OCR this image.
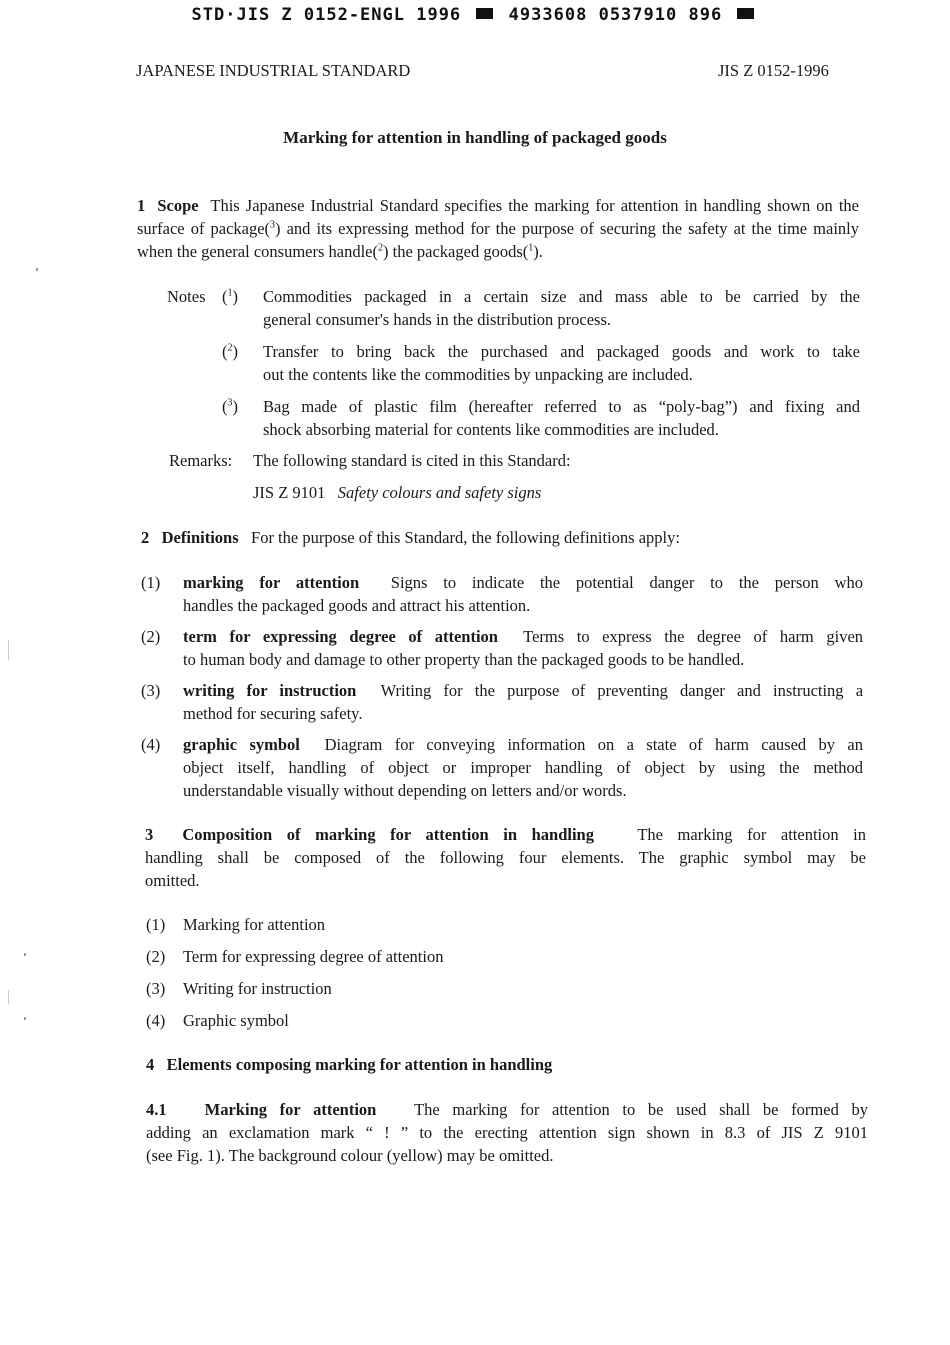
STD·JIS Z 0152-ENGL 1996	4933608 0537910 896
JAPANESE INDUSTRIAL STANDARD	JIS Z 0152-1996
Marking for attention in handling of packaged goods
1 Scope This Japanese Industrial Standard specifies the marking for attention in handling shown on the surface of package($^3$) and its expressing method for the purpose of securing the safety at the time mainly when the general consumers handle($^2$) the packaged goods($^1$).
Notes ($^1$) Commodities packaged in a certain size and mass able to be carried by the
general consumer's hands in the distribution process.
($^2$) Transfer to bring back the purchased and packaged goods and work to take
out the contents like the commodities by unpacking are included.
($^3$) Bag made of plastic film (hereafter referred to as “poly-bag”) and fixing and
shock absorbing material for contents like commodities are included.
Remarks: The following standard is cited in this Standard:
JIS Z 9101 Safety colours and safety signs
2 Definitions For the purpose of this Standard, the following definitions apply:
(1) marking for attention Signs to indicate the potential danger to the person who
handles the packaged goods and attract his attention.
(2) term for expressing degree of attention Terms to express the degree of harm given
to human body and damage to other property than the packaged goods to be handled.
(3) writing for instruction Writing for the purpose of preventing danger and instructing a
method for securing safety.
(4) graphic symbol Diagram for conveying information on a state of harm caused by an
object itself, handling of object or improper handling of object by using the method
understandable visually without depending on letters and/or words.
3 Composition of marking for attention in handling	The marking for attention in
handling shall be composed of the following four elements. The graphic symbol may be
omitted.
(1) Marking for attention
(2) Term for expressing degree of attention
(3) Writing for instruction
(4) Graphic symbol
4 Elements composing marking for attention in handling
4.1 Marking for attention The marking for attention to be used shall be formed by
adding an exclamation mark “ ! ” to the erecting attention sign shown in 8.3 of JIS Z 9101
(see Fig. 1). The background colour (yellow) may be omitted.
